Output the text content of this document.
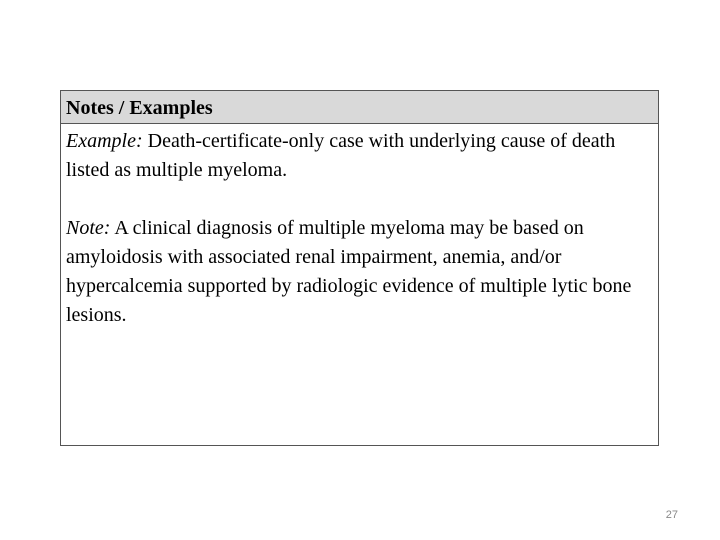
Notes / Examples

Example: Death-certificate-only case with underlying cause of death listed as multiple myeloma.

Note: A clinical diagnosis of multiple myeloma may be based on amyloidosis with associated renal impairment, anemia, and/or hypercalcemia supported by radiologic evidence of multiple lytic bone lesions.

27
